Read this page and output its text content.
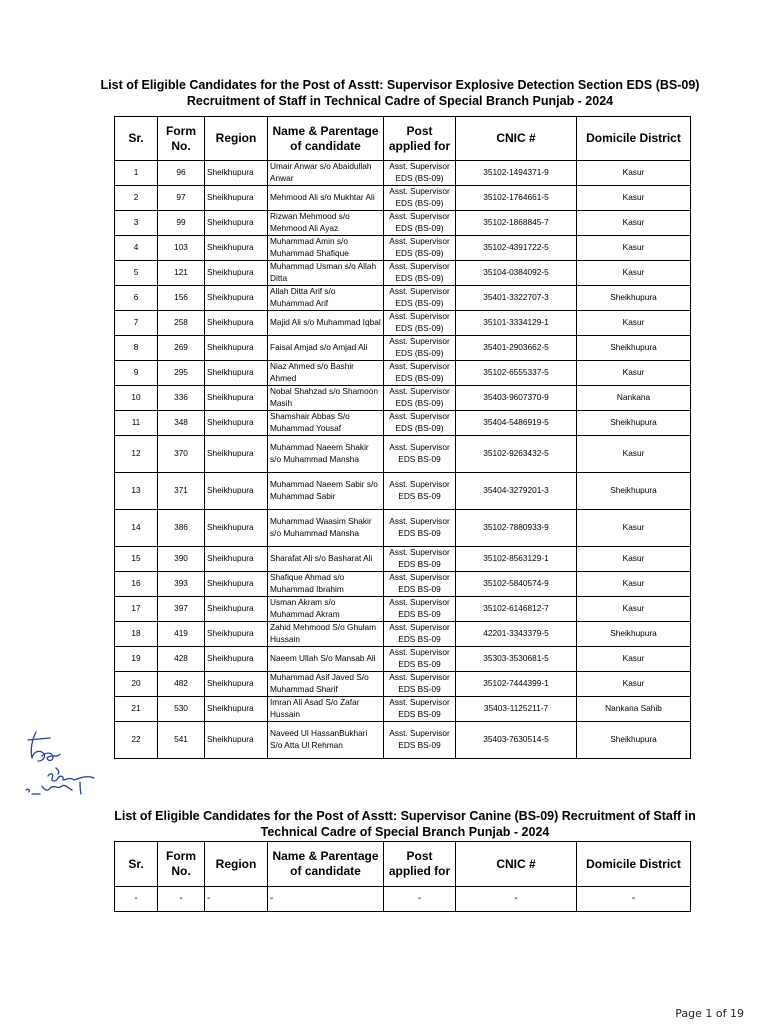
List of Eligible Candidates for the Post of Asstt: Supervisor Explosive Detection Section EDS (BS-09) Recruitment of Staff in Technical Cadre of Special Branch Punjab - 2024
Sr.	Form No.	Region	Name & Parentage of candidate	Post applied for	CNIC #	Domicile District
1	96	Sheikhupura	Umair Anwar s/o Abaidullah Anwar	Asst. Supervisor EDS (BS-09)	35102-1494371-9	Kasur
2	97	Sheikhupura	Mehmood Ali s/o Mukhtar Ali	Asst. Supervisor EDS (BS-09)	35102-1764661-5	Kasur
3	99	Sheikhupura	Rizwan Mehmood s/o Mehmood Ali Ayaz	Asst. Supervisor EDS (BS-09)	35102-1868845-7	Kasur
4	103	Sheikhupura	Muhammad Amin s/o Muhammad Shafique	Asst. Supervisor EDS (BS-09)	35102-4391722-5	Kasur
5	121	Sheikhupura	Muhammad Usman s/o Allah Ditta	Asst. Supervisor EDS (BS-09)	35104-0384092-5	Kasur
6	156	Sheikhupura	Allah Ditta Arif s/o Muhammad Arif	Asst. Supervisor EDS (BS-09)	35401-3322707-3	Sheikhupura
7	258	Sheikhupura	Majid Ali s/o Muhammad Iqbal	Asst. Supervisor EDS (BS-09)	35101-3334129-1	Kasur
8	269	Sheikhupura	Faisal Amjad s/o Amjad Ali	Asst. Supervisor EDS (BS-09)	35401-2903662-5	Sheikhupura
9	295	Sheikhupura	Niaz Ahmed s/o Bashir Ahmed	Asst. Supervisor EDS (BS-09)	35102-6555337-5	Kasur
10	336	Sheikhupura	Nobal Shahzad s/o Shamoon Masih	Asst. Supervisor EDS (BS-09)	35403-9607370-9	Nankana
11	348	Sheikhupura	Shamshair Abbas S/o Muhammad Yousaf	Asst. Supervisor EDS (BS-09)	35404-5486919-5	Sheikhupura
12	370	Sheikhupura	Muhammad Naeem Shakir s/o Muhammad Mansha	Asst. Supervisor EDS BS-09	35102-9263432-5	Kasur
13	371	Sheikhupura	Muhammad Naeem Sabir s/o Muhammad Sabir	Asst. Supervisor EDS BS-09	35404-3279201-3	Sheikhupura
14	386	Sheikhupura	Muhammad Waasim Shakir s/o Muhammad Mansha	Asst. Supervisor EDS BS-09	35102-7880933-9	Kasur
15	390	Sheikhupura	Sharafat Ali s/o Basharat Ali	Asst. Supervisor EDS BS-09	35102-8563129-1	Kasur
16	393	Sheikhupura	Shafique Ahmad s/o Muhammad Ibrahim	Asst. Supervisor EDS BS-09	35102-5840574-9	Kasur
17	397	Sheikhupura	Usman Akram s/o Muhammad Akram	Asst. Supervisor EDS BS-09	35102-6146812-7	Kasur
18	419	Sheikhupura	Zahid Mehmood S/o Ghulam Hussain	Asst. Supervisor EDS BS-09	42201-3343379-5	Sheikhupura
19	428	Sheikhupura	Naeem Ullah S/o Mansab Ali	Asst. Supervisor EDS BS-09	35303-3530681-5	Kasur
20	482	Sheikhupura	Muhammad Asif Javed S/o Muhammad Sharif	Asst. Supervisor EDS BS-09	35102-7444399-1	Kasur
21	530	Sheikhupura	Imran Ali Asad S/o Zafar Hussain	Asst. Supervisor EDS BS-09	35403-1125211-7	Nankana Sahib
22	541	Sheikhupura	Naveed Ul HassanBukhari S/o Atta Ul Rehman	Asst. Supervisor EDS BS-09	35403-7630514-5	Sheikhupura
List of Eligible Candidates for the Post of Asstt: Supervisor Canine (BS-09) Recruitment of Staff in Technical Cadre of Special Branch Punjab - 2024
Sr.	Form No.	Region	Name & Parentage of candidate	Post applied for	CNIC #	Domicile District
-	-	-	-	-	-	-
Page 1 of 19
